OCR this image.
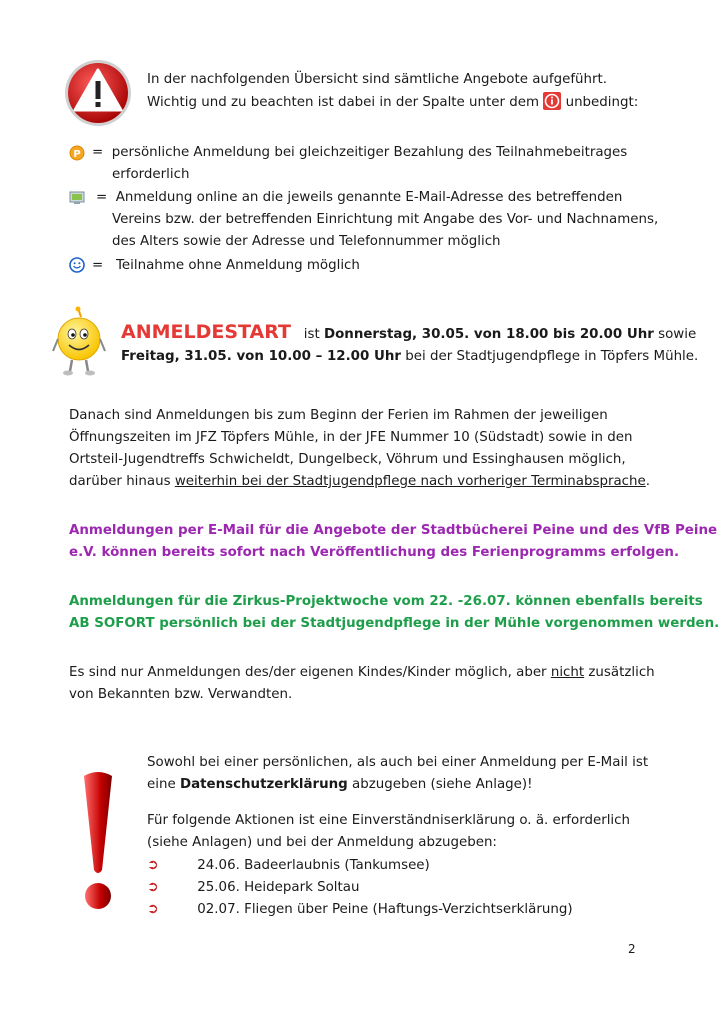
In der nachfolgenden Übersicht sind sämtliche Angebote aufgeführt.
Wichtig und zu beachten ist dabei in der Spalte unter dem unbedingt:
P = persönliche Anmeldung bei gleichzeitiger Bezahlung des Teilnahmebeitrages
erforderlich
= Anmeldung online an die jeweils genannte E-Mail-Adresse des betreffenden
Vereins bzw. der betreffenden Einrichtung mit Angabe des Vor- und Nachnamens,
des Alters sowie der Adresse und Telefonnummer möglich
= Teilnahme ohne Anmeldung möglich
ANMELDESTART ist Donnerstag, 30.05. von 18.00 bis 20.00 Uhr sowie
Freitag, 31.05. von 10.00 – 12.00 Uhr bei der Stadtjugendpflege in Töpfers Mühle.
Danach sind Anmeldungen bis zum Beginn der Ferien im Rahmen der jeweiligen
Öffnungszeiten im JFZ Töpfers Mühle, in der JFE Nummer 10 (Südstadt) sowie in den
Ortsteil-Jugendtreffs Schwicheldt, Dungelbeck, Vöhrum und Essinghausen möglich,
darüber hinaus weiterhin bei der Stadtjugendpflege nach vorheriger Terminabsprache.
Anmeldungen per E-Mail für die Angebote der Stadtbücherei Peine und des VfB Peine
e.V. können bereits sofort nach Veröffentlichung des Ferienprogramms erfolgen.
Anmeldungen für die Zirkus-Projektwoche vom 22. -26.07. können ebenfalls bereits
AB SOFORT persönlich bei der Stadtjugendpflege in der Mühle vorgenommen werden.
Es sind nur Anmeldungen des/der eigenen Kindes/Kinder möglich, aber nicht zusätzlich
von Bekannten bzw. Verwandten.
Sowohl bei einer persönlichen, als auch bei einer Anmeldung per E-Mail ist
eine Datenschutzerklärung abzugeben (siehe Anlage)!
Für folgende Aktionen ist eine Einverständniserklärung o. ä. erforderlich
(siehe Anlagen) und bei der Anmeldung abzugeben:
➲	24.06. Badeerlaubnis (Tankumsee)
➲	25.06. Heidepark Soltau
➲	02.07. Fliegen über Peine (Haftungs-Verzichtserklärung)
2
